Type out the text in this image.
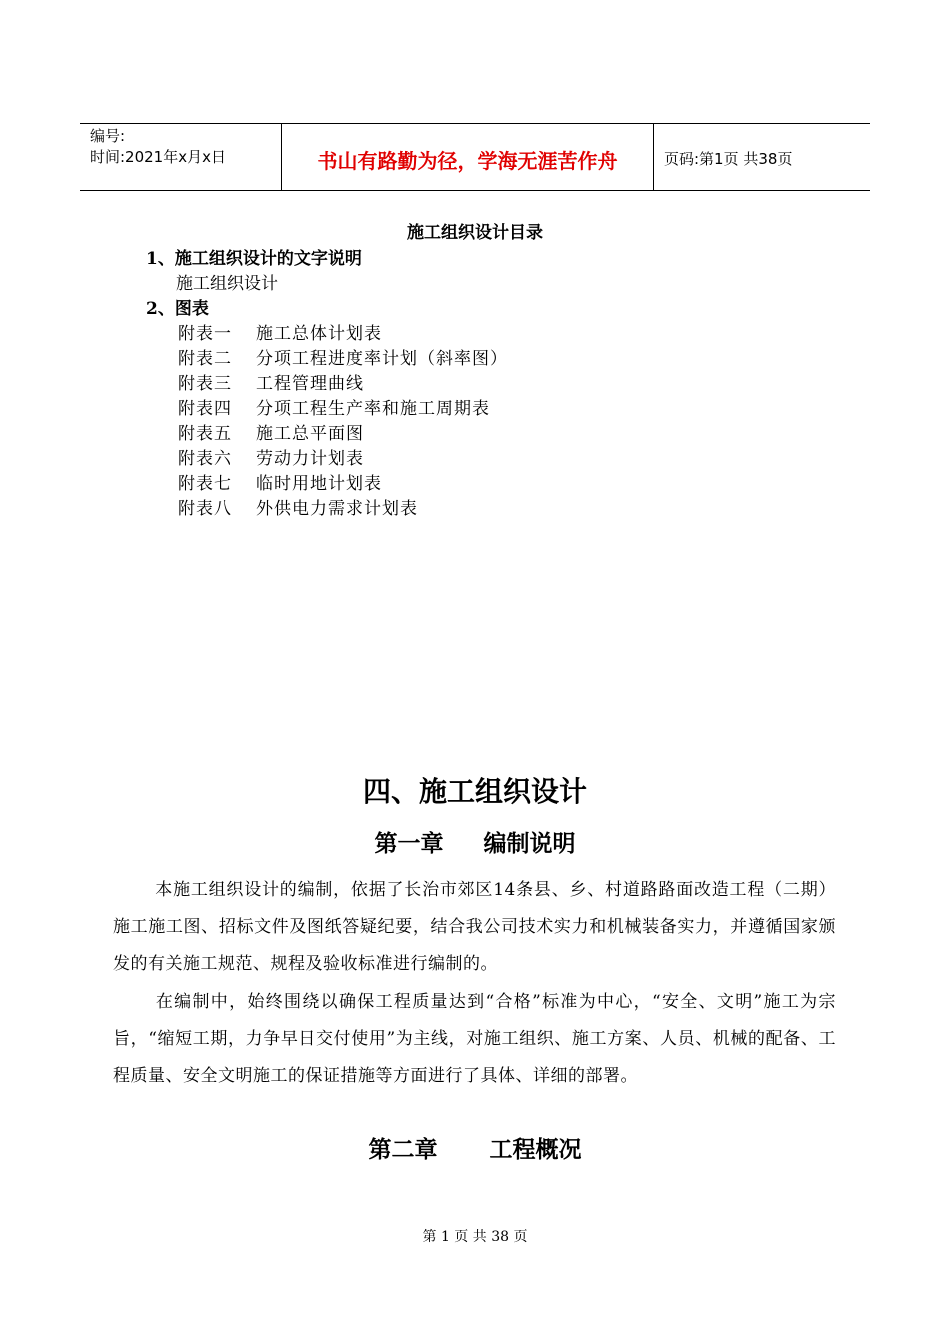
编号:
时间:2021年x月x日	书山有路勤为径，学海无涯苦作舟	页码:第1页 共38页
施工组织设计目录
1、施工组织设计的文字说明
施工组织设计
2、图表
附表一 施工总体计划表
附表二 分项工程进度率计划（斜率图）
附表三 工程管理曲线
附表四 分项工程生产率和施工周期表
附表五 施工总平面图
附表六 劳动力计划表
附表七 临时用地计划表
附表八 外供电力需求计划表
四、施工组织设计
第一章 编制说明
本施工组织设计的编制，依据了长治市郊区14条县、乡、村道路路面改造工程（二期）施工施工图、招标文件及图纸答疑纪要，结合我公司技术实力和机械装备实力，并遵循国家颁发的有关施工规范、规程及验收标准进行编制的。
在编制中，始终围绕以确保工程质量达到“合格”标准为中心，“安全、文明”施工为宗旨，“缩短工期，力争早日交付使用”为主线，对施工组织、施工方案、人员、机械的配备、工程质量、安全文明施工的保证措施等方面进行了具体、详细的部署。
第二章 工程概况
第 1 页 共 38 页
